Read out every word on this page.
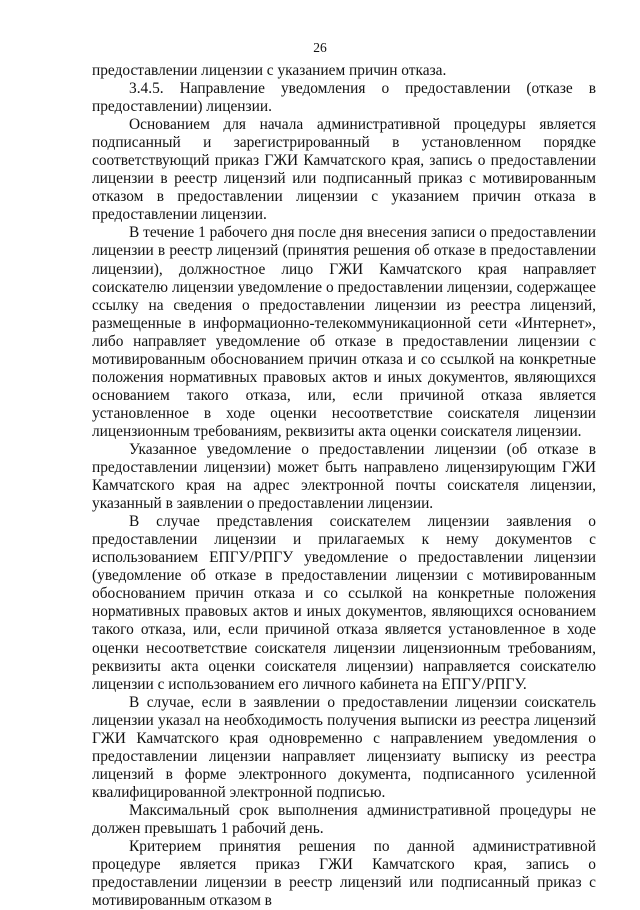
26

предоставлении лицензии с указанием причин отказа.

3.4.5. Направление уведомления о предоставлении (отказе в предоставлении) лицензии.

Основанием для начала административной процедуры является подписанный и зарегистрированный в установленном порядке соответствующий приказ ГЖИ Камчатского края, запись о предоставлении лицензии в реестр лицензий или подписанный приказ с мотивированным отказом в предоставлении лицензии с указанием причин отказа в предоставлении лицензии.

В течение 1 рабочего дня после дня внесения записи о предоставлении лицензии в реестр лицензий (принятия решения об отказе в предоставлении лицензии), должностное лицо ГЖИ Камчатского края направляет соискателю лицензии уведомление о предоставлении лицензии, содержащее ссылку на сведения о предоставлении лицензии из реестра лицензий, размещенные в информационно-телекоммуникационной сети «Интернет», либо направляет уведомление об отказе в предоставлении лицензии с мотивированным обоснованием причин отказа и со ссылкой на конкретные положения нормативных правовых актов и иных документов, являющихся основанием такого отказа, или, если причиной отказа является установленное в ходе оценки несоответствие соискателя лицензии лицензионным требованиям, реквизиты акта оценки соискателя лицензии.

Указанное уведомление о предоставлении лицензии (об отказе в предоставлении лицензии) может быть направлено лицензирующим ГЖИ Камчатского края на адрес электронной почты соискателя лицензии, указанный в заявлении о предоставлении лицензии.

В случае представления соискателем лицензии заявления о предоставлении лицензии и прилагаемых к нему документов с использованием ЕПГУ/РПГУ уведомление о предоставлении лицензии (уведомление об отказе в предоставлении лицензии с мотивированным обоснованием причин отказа и со ссылкой на конкретные положения нормативных правовых актов и иных документов, являющихся основанием такого отказа, или, если причиной отказа является установленное в ходе оценки несоответствие соискателя лицензии лицензионным требованиям, реквизиты акта оценки соискателя лицензии) направляется соискателю лицензии с использованием его личного кабинета на ЕПГУ/РПГУ.

В случае, если в заявлении о предоставлении лицензии соискатель лицензии указал на необходимость получения выписки из реестра лицензий ГЖИ Камчатского края одновременно с направлением уведомления о предоставлении лицензии направляет лицензиату выписку из реестра лицензий в форме электронного документа, подписанного усиленной квалифицированной электронной подписью.

Максимальный срок выполнения административной процедуры не должен превышать 1 рабочий день.

Критерием принятия решения по данной административной процедуре является приказ ГЖИ Камчатского края, запись о предоставлении лицензии в реестр лицензий или подписанный приказ с мотивированным отказом в
